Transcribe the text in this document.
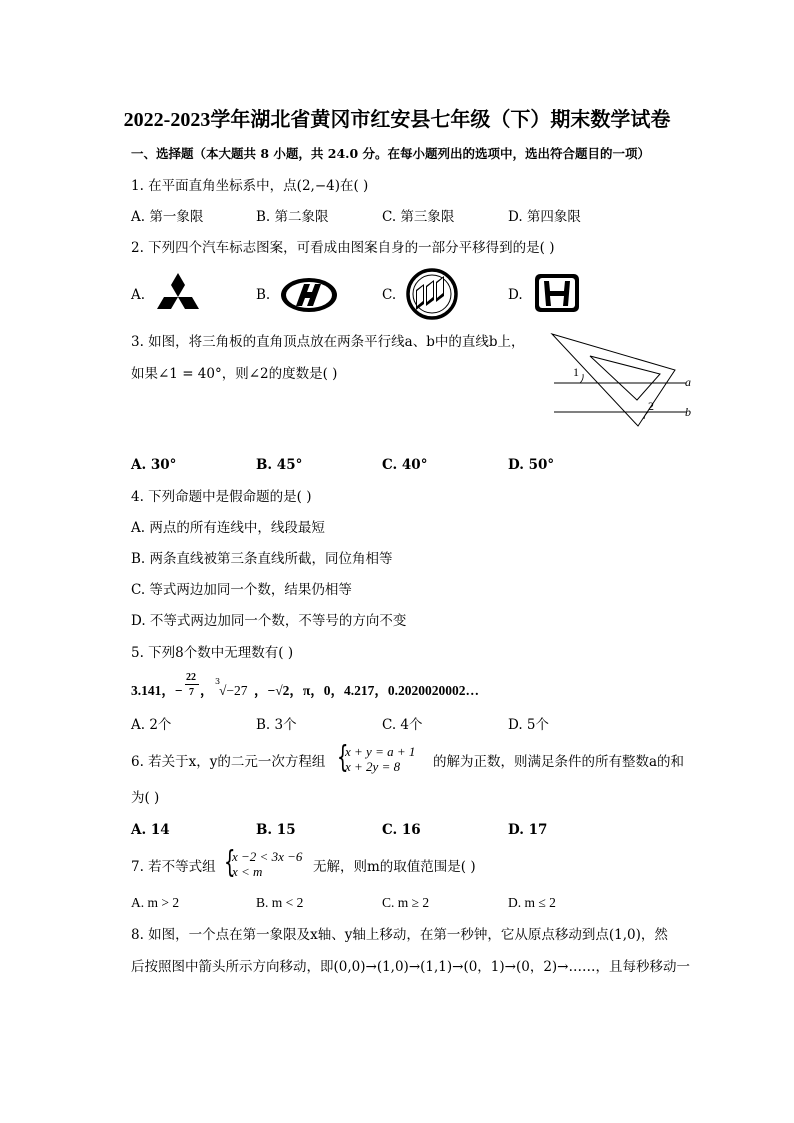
2022-2023学年湖北省黄冈市红安县七年级（下）期末数学试卷
一、选择题（本大题共 8 小题，共 24.0 分。在每小题列出的选项中，选出符合题目的一项）
1. 在平面直角坐标系中，点(2,−4)在( )
A. 第一象限	B. 第二象限	C. 第三象限	D. 第四象限
2. 下列四个汽车标志图案，可看成由图案自身的一部分平移得到的是( )
A.	B.	C.	D.
3. 如图，将三角板的直角顶点放在两条平行线a、b中的直线b上，
如果∠1 = 40°，则∠2的度数是( )	1
2
a
b
A. 30°	B. 45°	C. 40°	D. 50°
4. 下列命题中是假命题的是( )
A. 两点的所有连线中，线段最短
B. 两条直线被第三条直线所截，同位角相等
C. 等式两边加同一个数，结果仍相等
D. 不等式两边加同一个数，不等号的方向不变
5. 下列8个数中无理数有( )
3.141，−
22
7 ，
3
√−27 ，−√2，π，0，4.217，0.2020020002…
A. 2个	B. 3个	C. 4个	D. 5个
6. 若关于x，y的二元一次方程组 {
x + y = a + 1
x + 2y = 8 的解为正数，则满足条件的所有整数a的和
为( )
A. 14	B. 15	C. 16	D. 17
7. 若不等式组 {
x −2 < 3x −6
x < m	无解，则m的取值范围是( )
A. m > 2	B. m < 2	C. m ≥ 2	D. m ≤ 2
8. 如图，一个点在第一象限及x轴、y轴上移动，在第一秒钟，它从原点移动到点(1,0)，然
后按照图中箭头所示方向移动，即(0,0)→(1,0)→(1,1)→(0，1)→(0，2)→……，且每秒移动一
